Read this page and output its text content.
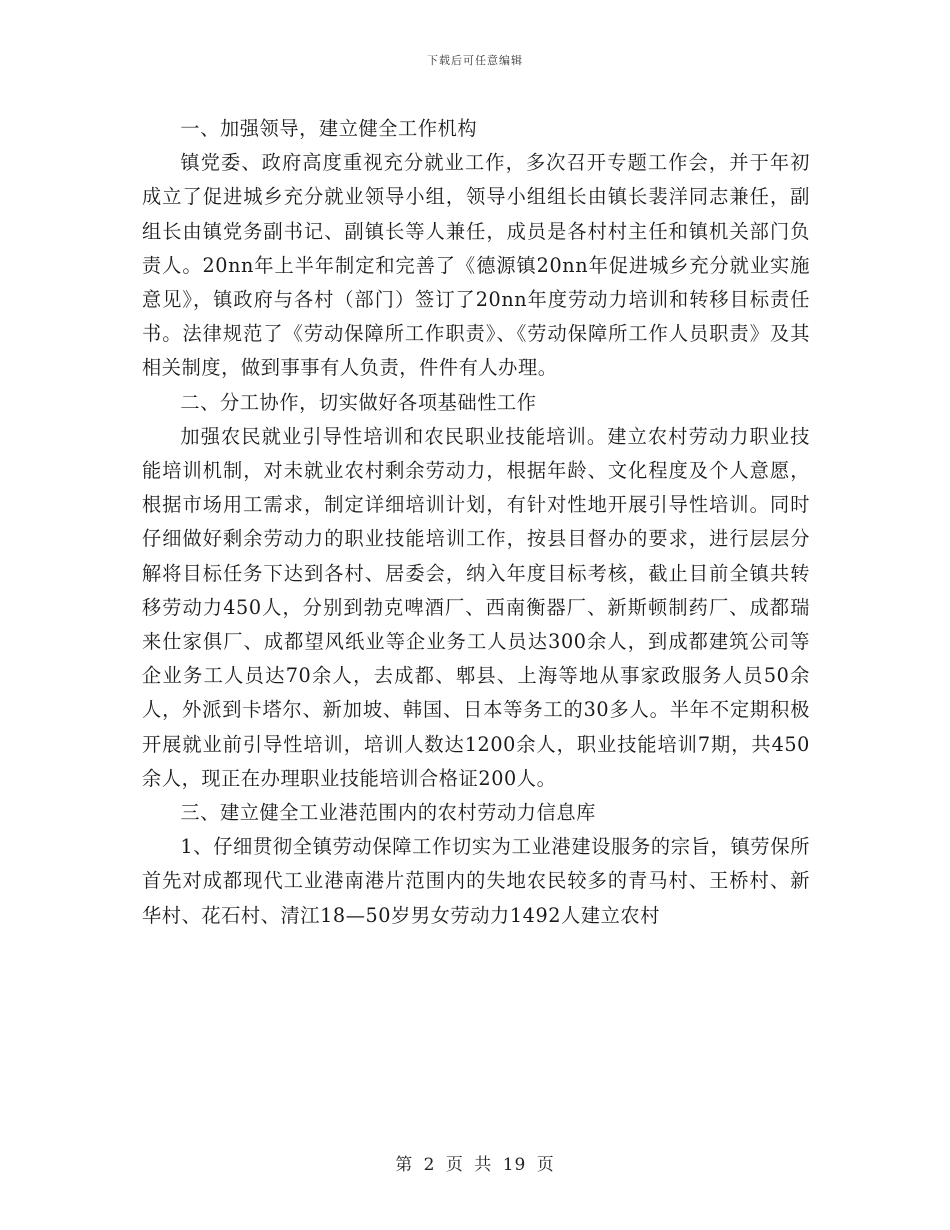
下载后可任意编辑

一、加强领导，建立健全工作机构

镇党委、政府高度重视充分就业工作，多次召开专题工作会，并于年初成立了促进城乡充分就业领导小组，领导小组组长由镇长裴洋同志兼任，副组长由镇党务副书记、副镇长等人兼任，成员是各村村主任和镇机关部门负责人。20nn年上半年制定和完善了《德源镇20nn年促进城乡充分就业实施意见》，镇政府与各村（部门）签订了20nn年度劳动力培训和转移目标责任书。法律规范了《劳动保障所工作职责》、《劳动保障所工作人员职责》及其相关制度，做到事事有人负责，件件有人办理。

二、分工协作，切实做好各项基础性工作

加强农民就业引导性培训和农民职业技能培训。建立农村劳动力职业技能培训机制，对未就业农村剩余劳动力，根据年龄、文化程度及个人意愿，根据市场用工需求，制定详细培训计划，有针对性地开展引导性培训。同时仔细做好剩余劳动力的职业技能培训工作，按县目督办的要求，进行层层分解将目标任务下达到各村、居委会，纳入年度目标考核，截止目前全镇共转移劳动力450人，分别到勃克啤酒厂、西南衡器厂、新斯顿制药厂、成都瑞来仕家俱厂、成都望风纸业等企业务工人员达300余人，到成都建筑公司等企业务工人员达70余人，去成都、郫县、上海等地从事家政服务人员50余人，外派到卡塔尔、新加坡、韩国、日本等务工的30多人。半年不定期积极开展就业前引导性培训，培训人数达1200余人，职业技能培训7期，共450余人，现正在办理职业技能培训合格证200人。

三、建立健全工业港范围内的农村劳动力信息库

1、仔细贯彻全镇劳动保障工作切实为工业港建设服务的宗旨，镇劳保所首先对成都现代工业港南港片范围内的失地农民较多的青马村、王桥村、新华村、花石村、清江18—50岁男女劳动力1492人建立农村

第 2 页 共 19 页
